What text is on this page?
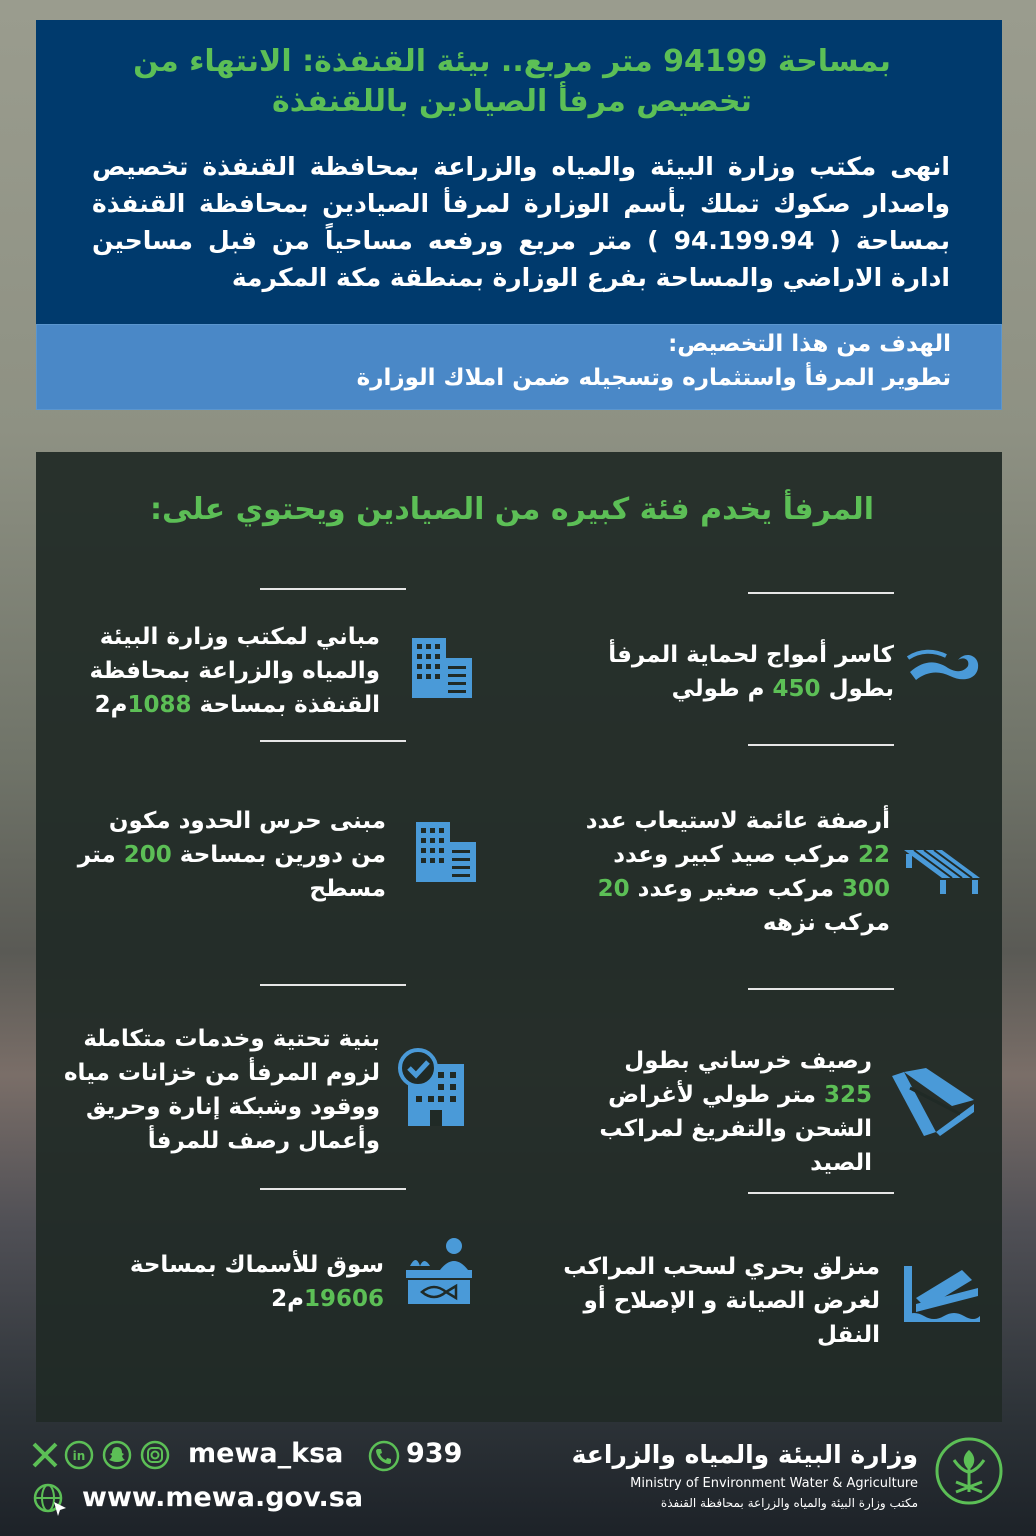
بمساحة 94199 متر مربع.. بيئة القنفذة: الانتهاء من تخصيص مرفأ الصيادين باللقنفذة
انهى مكتب وزارة البيئة والمياه والزراعة بمحافظة القنفذة تخصيص واصدار صكوك تملك بأسم الوزارة لمرفأ الصيادين بمحافظة القنفذة بمساحة ( 94.199.94 ) متر مربع ورفعه مساحياً من قبل مساحين ادارة الاراضي والمساحة بفرع الوزارة بمنطقة مكة المكرمة
الهدف من هذا التخصيص:
تطوير المرفأ واستثماره وتسجيله ضمن املاك الوزارة
المرفأ يخدم فئة كبيره من الصيادين ويحتوي على:
كاسر أمواج لحماية المرفأ بطول 450 م طولي
مباني لمكتب وزارة البيئة والمياه والزراعة بمحافظة القنفذة بمساحة 1088م2
أرصفة عائمة لاستيعاب عدد 22 مركب صيد كبير وعدد 300 مركب صغير وعدد 20 مركب نزهه
مبنى حرس الحدود مكون من دورين بمساحة 200 متر مسطح
رصيف خرساني بطول 325 متر طولي لأغراض الشحن والتفريغ لمراكب الصيد
بنية تحتية وخدمات متكاملة لزوم المرفأ من خزانات مياه ووقود وشبكة إنارة وحريق وأعمال رصف للمرفأ
منزلق بحري لسحب المراكب لغرض الصيانة و الإصلاح أو النقل
سوق للأسماك بمساحة 19606م2
وزارة البيئة والمياه والزراعة
Ministry of Environment Water & Agriculture
مكتب وزارة البيئة والمياه والزراعة بمحافظة القنفذة
in	mewa_ksa 939
www.mewa.gov.sa
